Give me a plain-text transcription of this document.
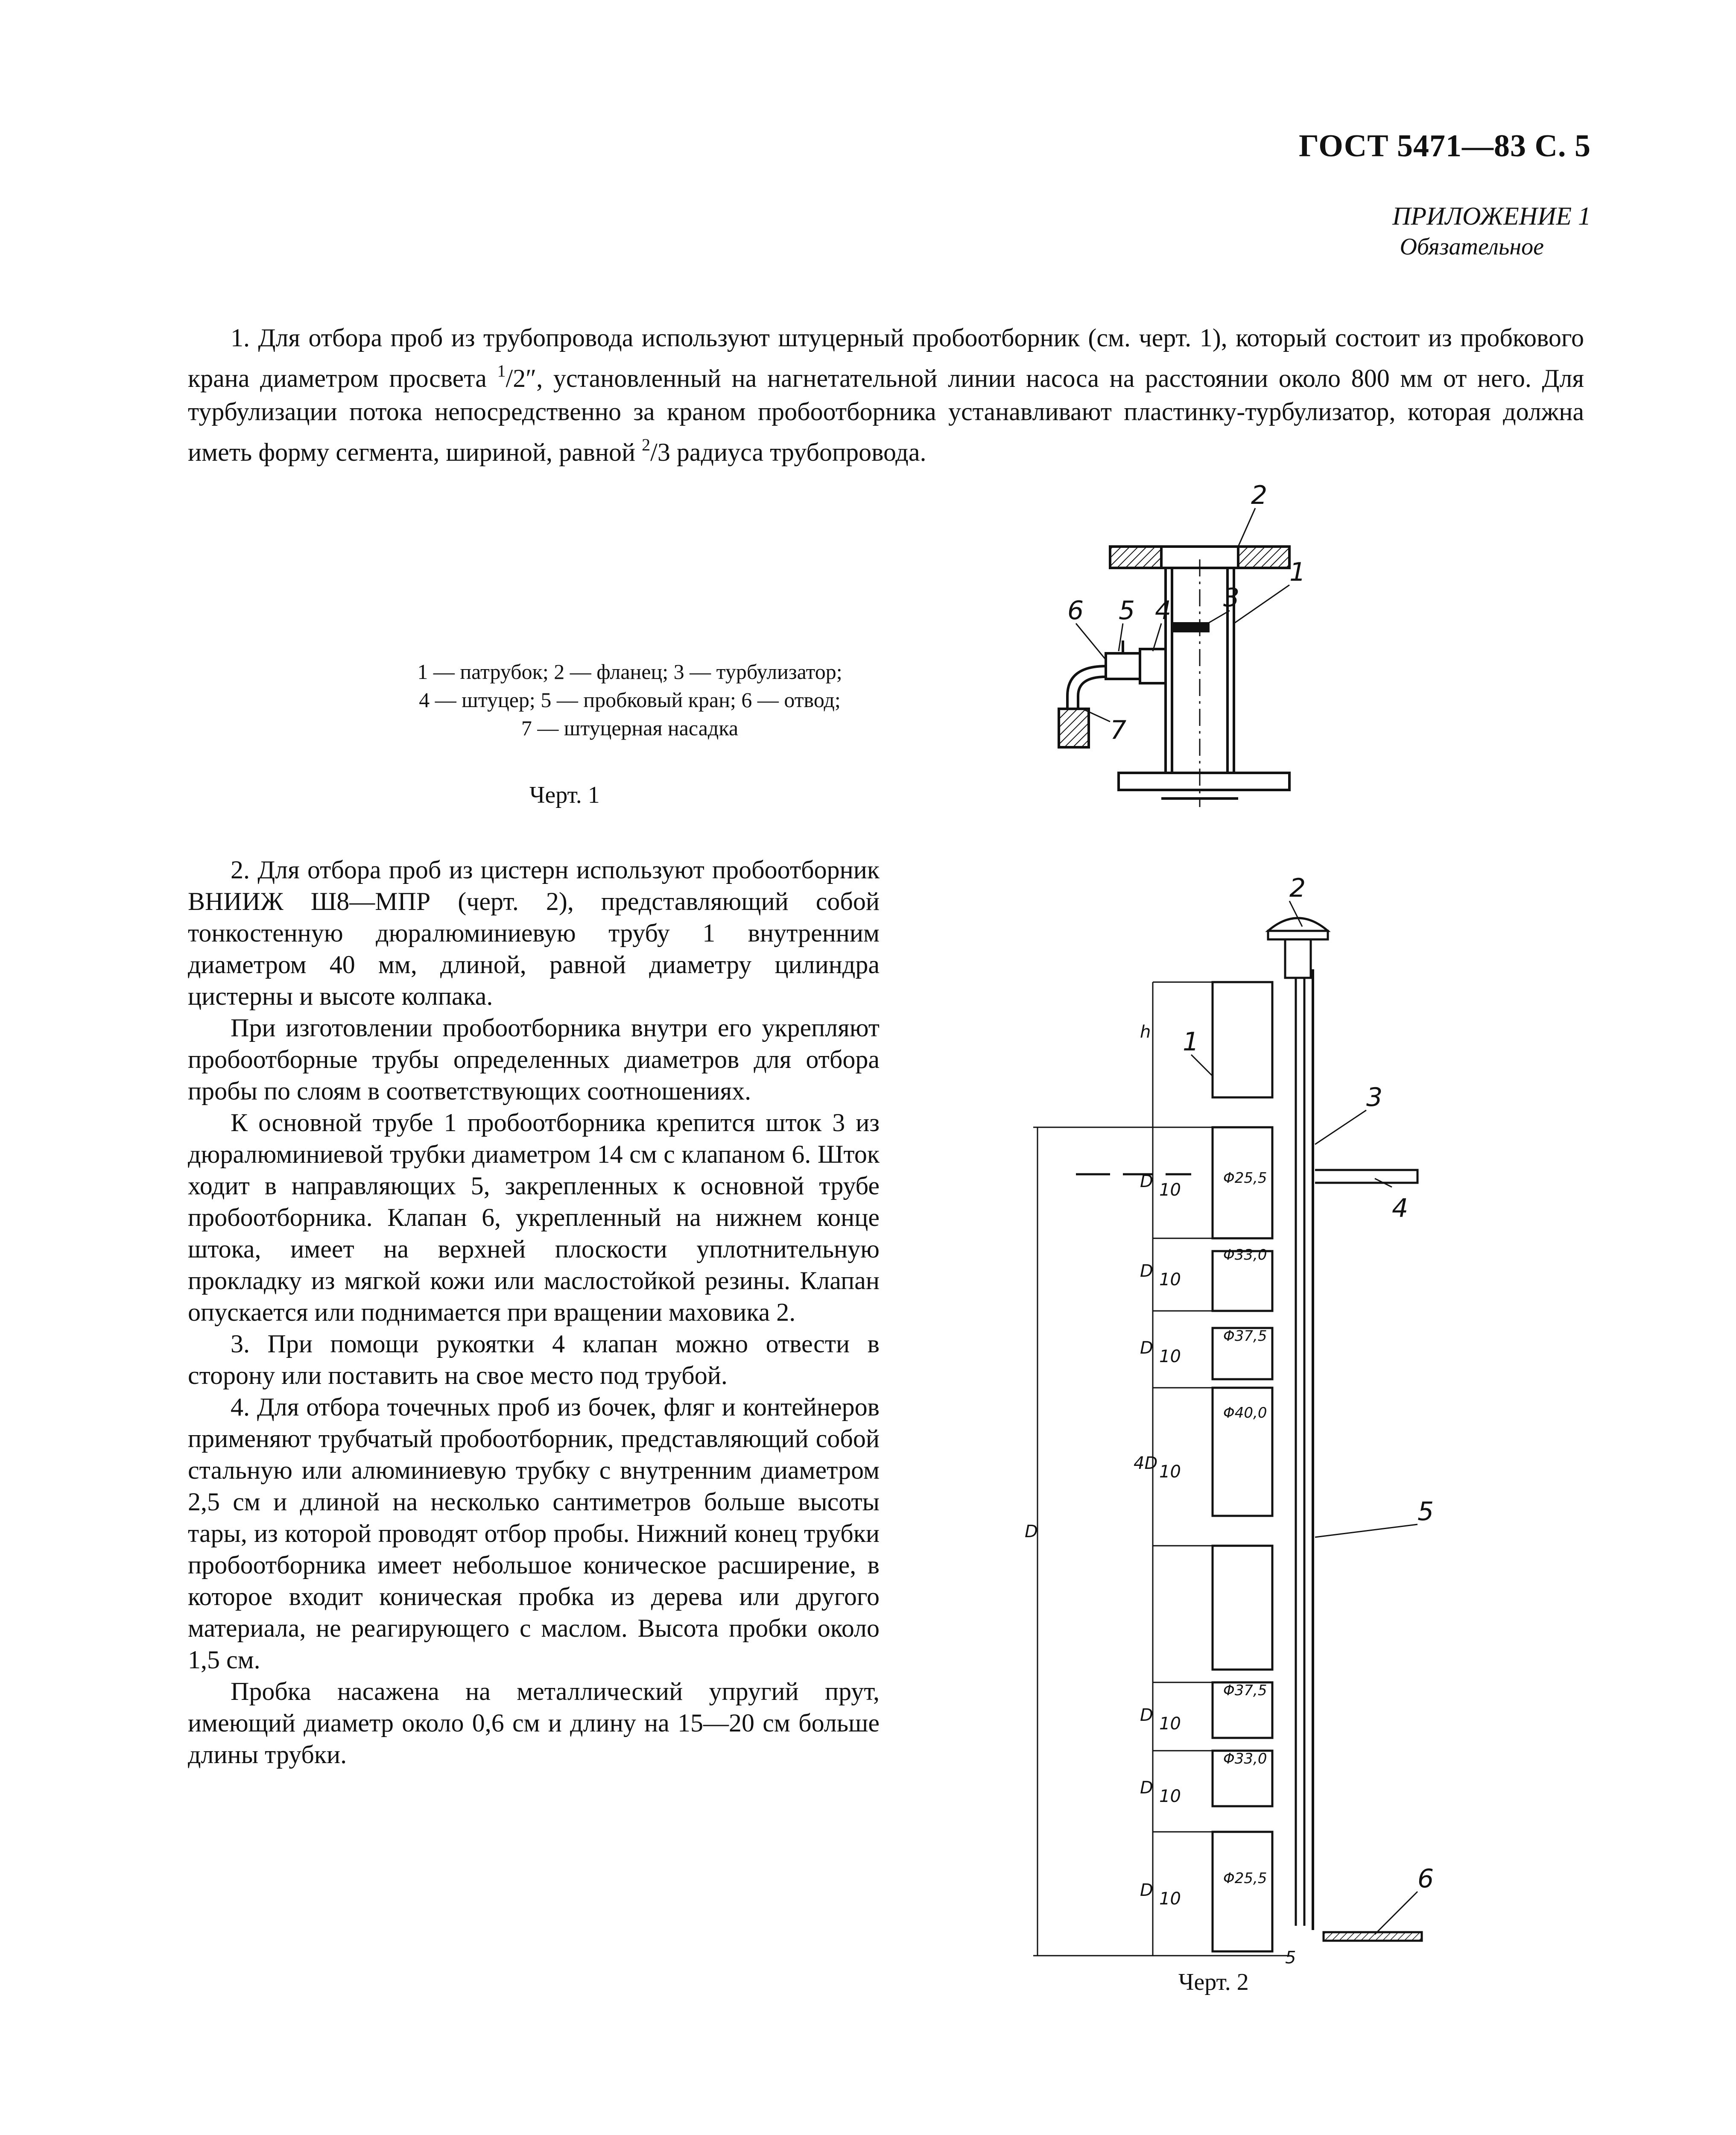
ГОСТ 5471—83 С. 5
ПРИЛОЖЕНИЕ 1
Обязательное
1. Для отбора проб из трубопровода используют штуцерный пробоотборник (см. черт. 1), который состоит из пробкового крана диаметром просвета $^1$/2″, установленный на нагнетательной линии насоса на расстоянии около 800 мм от него. Для турбулизации потока непосредственно за краном пробоотборника устанавливают пластинку-турбулизатор, которая должна иметь форму сегмента, шириной, равной $^2$/3 радиуса трубопровода.
1 — патрубок; 2 — фланец; 3 — турбулизатор;
4 — штуцер; 5 — пробковый кран; 6 — отвод;
7 — штуцерная насадка
Черт. 1
2
3
1
4
5
6
7

2. Для отбора проб из цистерн используют пробоотборник ВНИИЖ Ш8—МПР (черт. 2), представляющий собой тонкостенную дюралюминиевую трубу 1 внутренним диаметром 40 мм, длиной, равной диаметру цилиндра цистерны и высоте колпака.

При изготовлении пробоотборника внутри его укрепляют пробоотборные трубы определенных диаметров для отбора пробы по слоям в соответствующих соотношениях.

К основной трубе 1 пробоотборника крепится шток 3 из дюралюминиевой трубки диаметром 14 см с клапаном 6. Шток ходит в направляющих 5, закрепленных к основной трубе пробоотборника. Клапан 6, укрепленный на нижнем конце штока, имеет на верхней плоскости уплотнительную прокладку из мягкой кожи или маслостойкой резины. Клапан опускается или поднимается при вращении маховика 2.

3. При помощи рукоятки 4 клапан можно отвести в сторону или поставить на свое место под трубой.

4. Для отбора точечных проб из бочек, фляг и контейнеров применяют трубчатый пробоотборник, представляющий собой стальную или алюминиевую трубку с внутренним диаметром 2,5 см и длиной на несколько сантиметров больше высоты тары, из которой проводят отбор пробы. Нижний конец трубки пробоотборника имеет небольшое коническое расширение, в которое входит коническая пробка из дерева или другого материала, не реагирующего с маслом. Высота пробки около 1,5 см.

Пробка насажена на металлический упругий прут, имеющий диаметр около 0,6 см и длину на 15—20 см больше длины трубки.

2
1
3
4
5
6
h
D 10
D 10
D 10
4D 10
D
D 10
D 10
D 10
5
Φ25,5
Φ33,0
Φ37,5
Φ40,0
Φ37,5
Φ33,0
Φ25,5
Черт. 2
